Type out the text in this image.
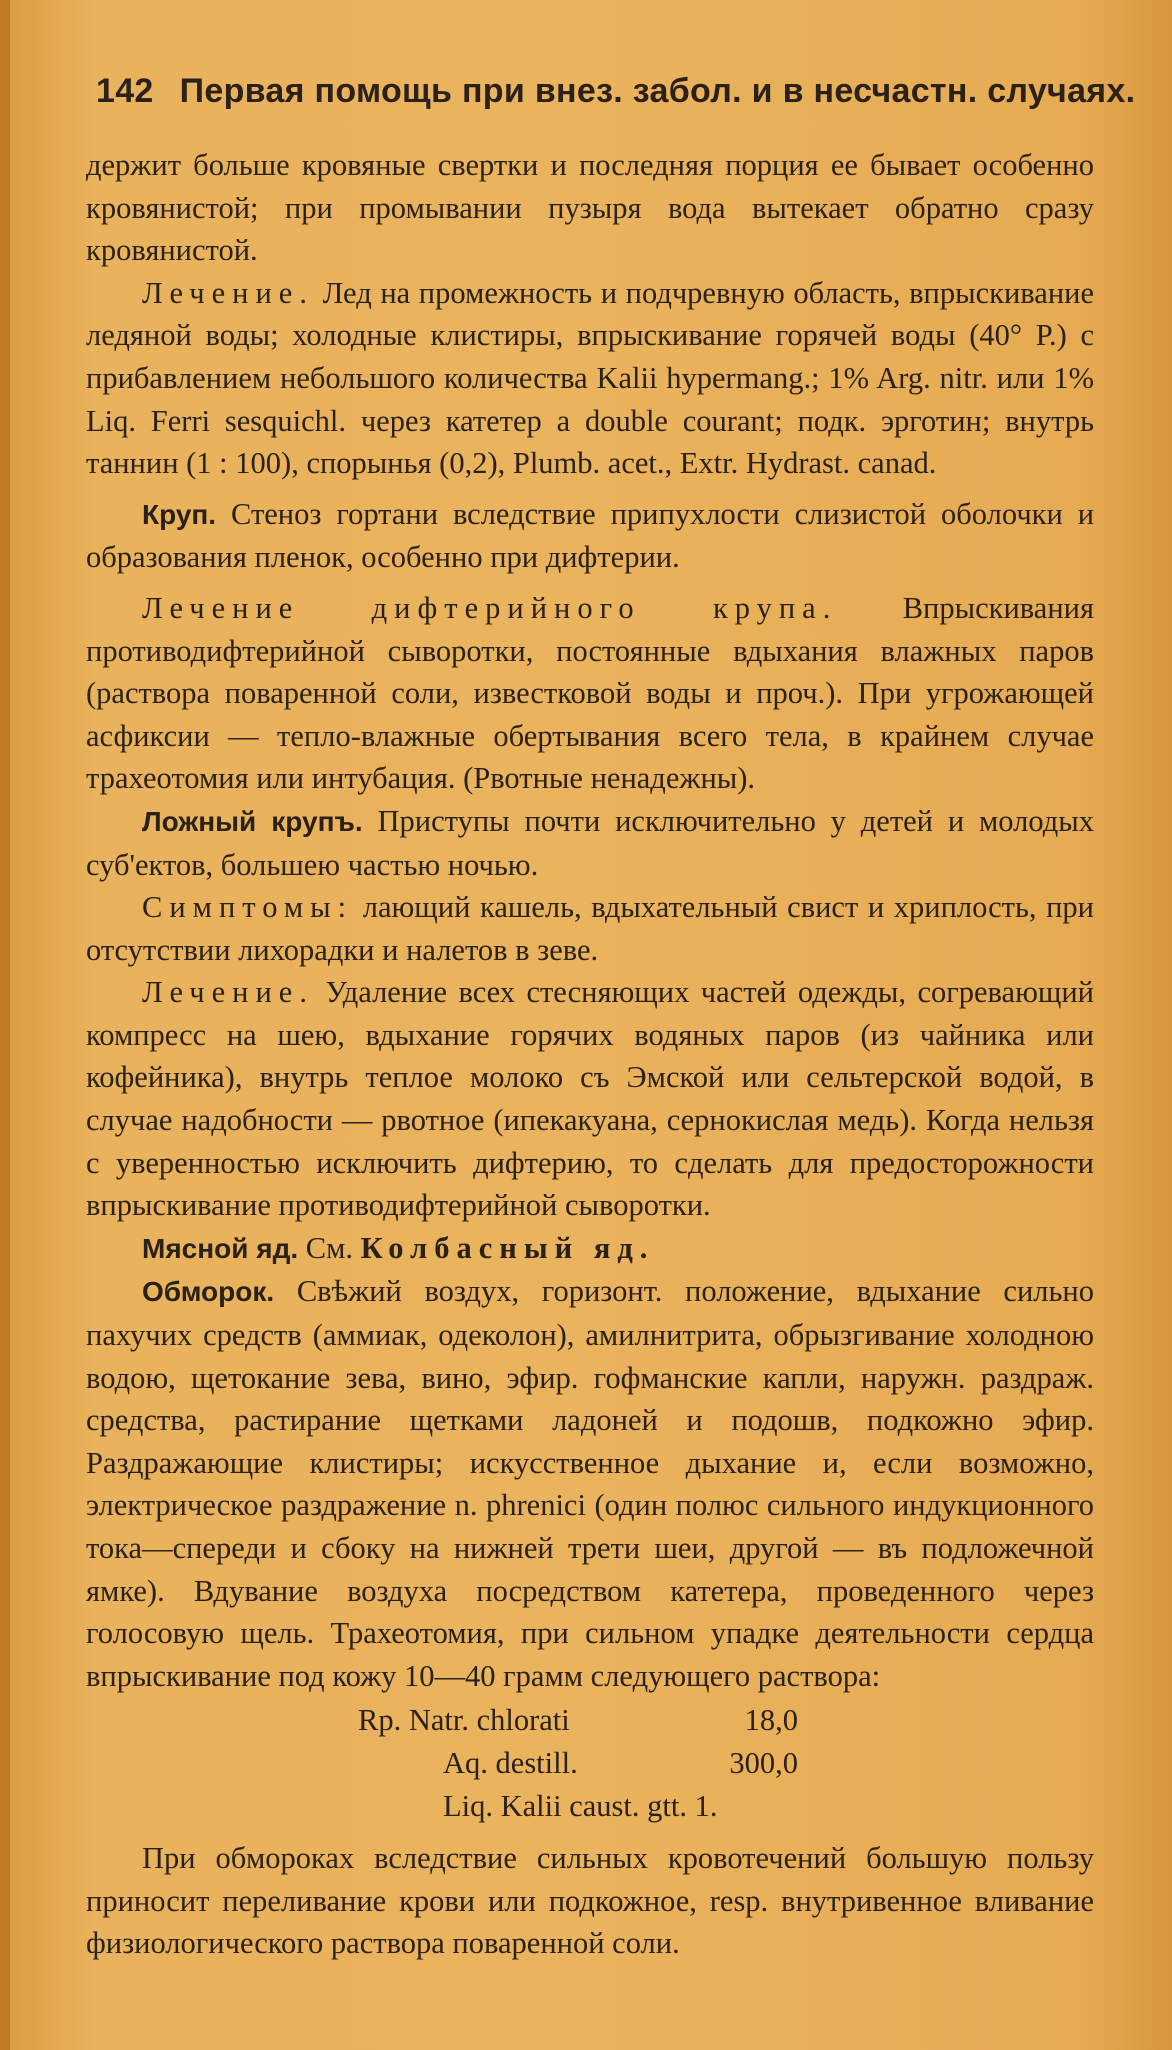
142 Первая помощь при внез. забол. и в несчастн. случаях.

держит больше кровяные свертки и последняя порция ее бывает особенно кровянистой; при промывании пузыря вода вытекает обратно сразу кровянистой.

Лечение. Лед на промежность и подчревную область, впрыскивание ледяной воды; холодные клистиры, впрыскивание горячей воды (40° Р.) с прибавлением небольшого количества Kalii hypermang.; 1% Arg. nitr. или 1% Liq. Ferri sesquichl. через катетер a double courant; подк. эрготин; внутрь таннин (1 : 100), спорынья (0,2), Plumb. acet., Extr. Hydrast. canad.

Круп. Стеноз гортани вследствие припухлости слизистой оболочки и образования пленок, особенно при дифтерии.

Лечение дифтерийного крупа. Впрыскивания противодифтерийной сыворотки, постоянные вдыхания влажных паров (раствора поваренной соли, известковой воды и проч.). При угрожающей асфиксии — тепло-влажные обертывания всего тела, в крайнем случае трахеотомия или интубация. (Рвотные ненадежны).

Ложный крупъ. Приступы почти исключительно у детей и молодых суб'ектов, большею частью ночью.

Симптомы: лающий кашель, вдыхательный свист и хриплость, при отсутствии лихорадки и налетов в зеве.

Лечение. Удаление всех стесняющих частей одежды, согревающий компресс на шею, вдыхание горячих водяных паров (из чайника или кофейника), внутрь теплое молоко съ Эмской или сельтерской водой, в случае надобности — рвотное (ипекакуана, сернокислая медь). Когда нельзя с уверенностью исключить дифтерию, то сделать для предосторожности впрыскивание противодифтерийной сыворотки.

Мясной яд. См. Колбасный яд.

Обморок. Свѣжий воздух, горизонт. положение, вдыхание сильно пахучих средств (аммиак, одеколон), амилнитрита, обрызгивание холодною водою, щетокание зева, вино, эфир. гофманские капли, наружн. раздраж. средства, растирание щетками ладоней и подошв, подкожно эфир. Раздражающие клистиры; искусственное дыхание и, если возможно, электрическое раздражение n. phrenici (один полюс сильного индукционного тока—спереди и сбоку на нижней трети шеи, другой — въ подложечной ямке). Вдувание воздуха посредством катетера, проведенного через голосовую щель. Трахеотомия, при сильном упадке деятельности сердца впрыскивание под кожу 10—40 грамм следующего раствора:

Rp. Natr. chlorati	18,0
Aq. destill.	300,0
Liq. Kalii caust. gtt. 1.

При обмороках вследствие сильных кровотечений большую пользу приносит переливание крови или подкожное, resp. внутривенное вливание физиологического раствора поваренной соли.
